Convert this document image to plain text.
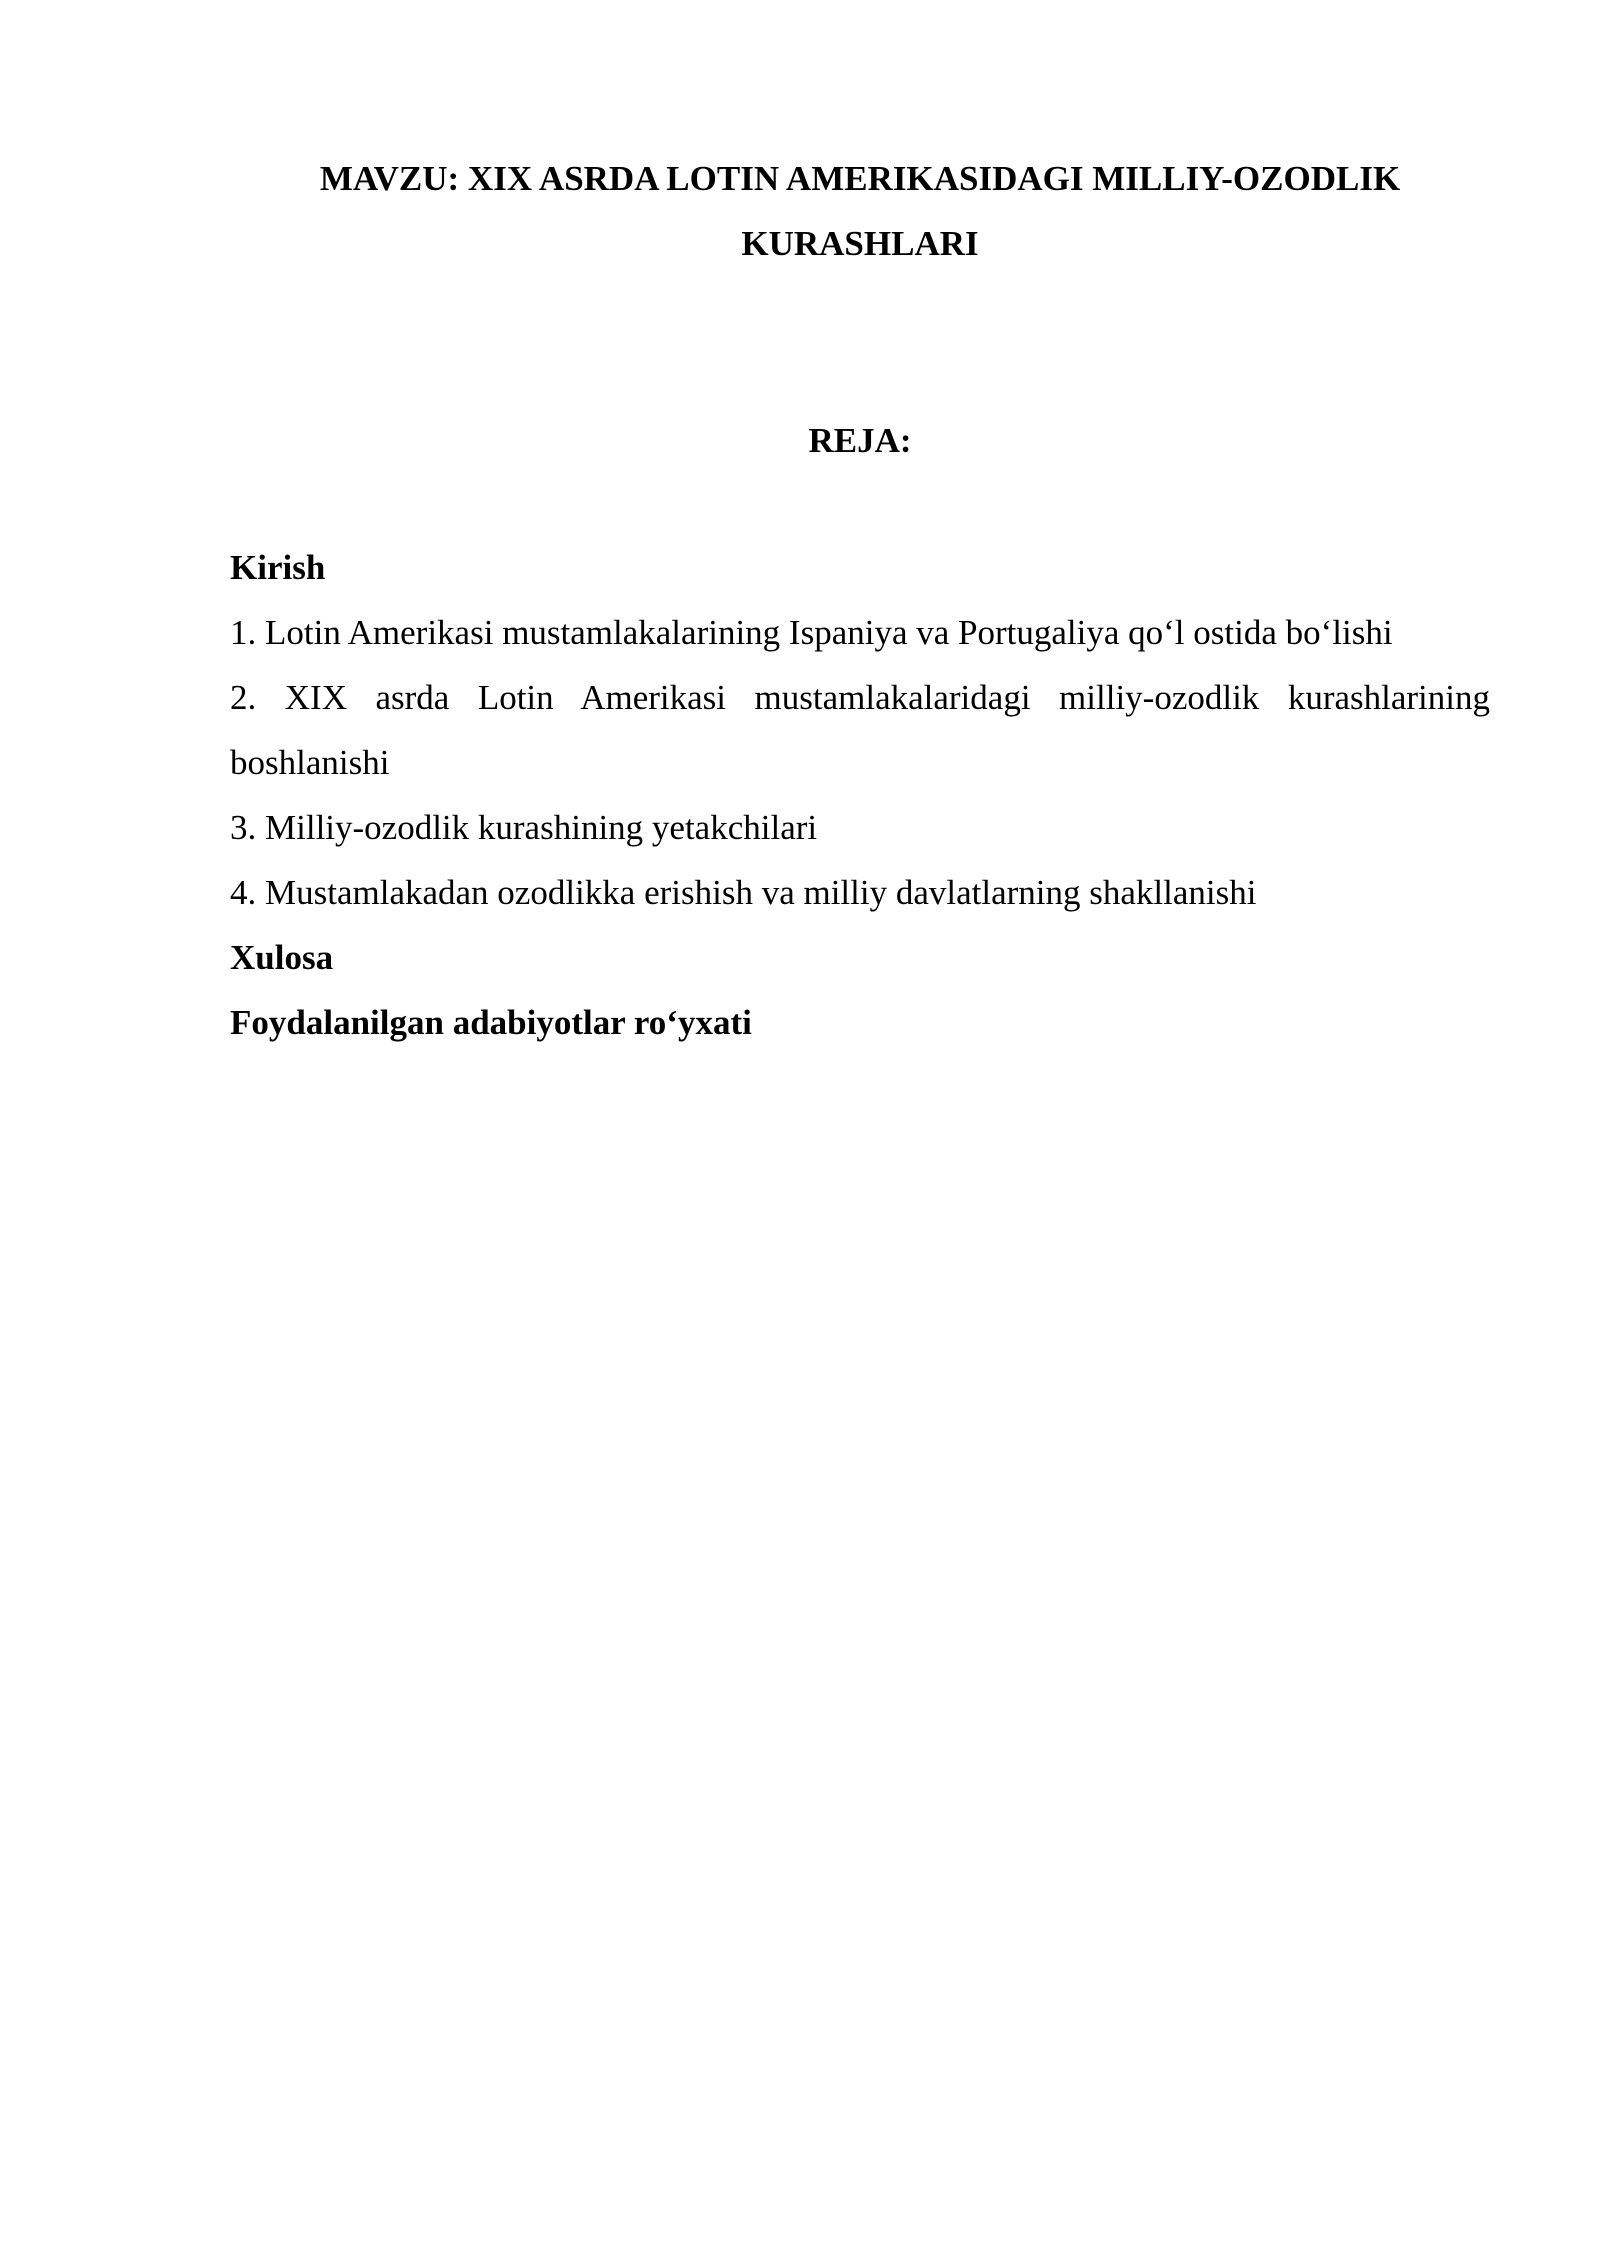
MAVZU: XIX ASRDA LOTIN AMERIKASIDAGI MILLIY-OZODLIK
KURASHLARI
REJA:
Kirish
1. Lotin Amerikasi mustamlakalarining Ispaniya va Portugaliya qo‘l ostida bo‘lishi
2. XIX asrda Lotin Amerikasi mustamlakalaridagi milliy-ozodlik kurashlarining
boshlanishi
3. Milliy-ozodlik kurashining yetakchilari
4. Mustamlakadan ozodlikka erishish va milliy davlatlarning shakllanishi
Xulosa
Foydalanilgan adabiyotlar ro‘yxati
